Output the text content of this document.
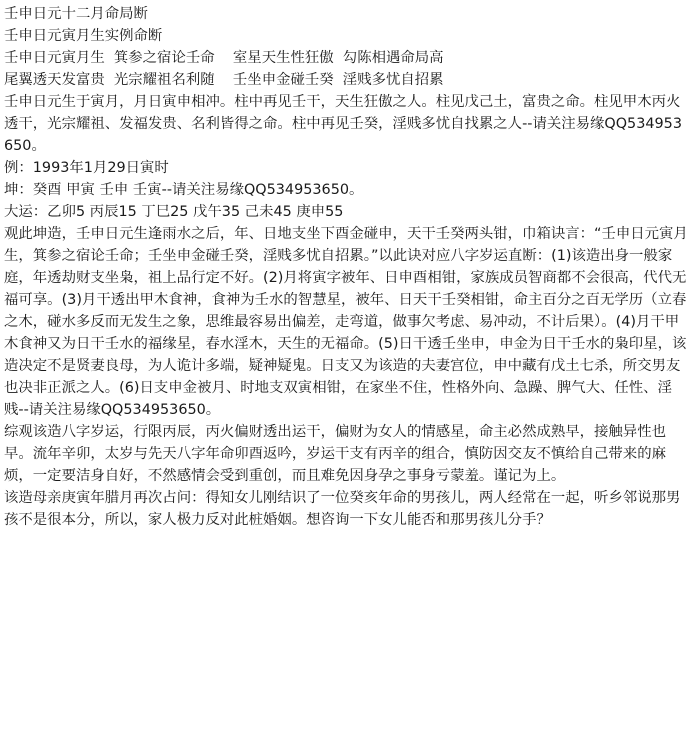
壬申日元十二月命局断

壬申日元寅月生实例命断

壬申日元寅月生  箕参之宿论壬命    室星天生性狂傲  勾陈相遇命局高

尾翼透天发富贵  光宗耀祖名利随    壬坐申金碰壬癸  淫贱多忧自招累

壬申日元生于寅月，月日寅申相冲。柱中再见壬干，天生狂傲之人。柱见戊己土，富贵之命。柱见甲木丙火透干，光宗耀祖、发福发贵、名利皆得之命。柱中再见壬癸，淫贱多忧自找累之人--请关注易缘QQ534953650。

例：1993年1月29日寅时

坤：癸酉 甲寅 壬申 壬寅--请关注易缘QQ534953650。

大运：乙卯5 丙辰15 丁巳25 戊午35 己未45 庚申55

观此坤造，壬申日元生逢雨水之后，年、日地支坐下酉金碰申，天干壬癸两头钳，巾箱诀言：“壬申日元寅月生，箕参之宿论壬命；壬坐申金碰壬癸，淫贱多忧自招累。”以此诀对应八字岁运直断：(1)该造出身一般家庭，年透劫财支坐枭，祖上品行定不好。(2)月将寅字被年、日申酉相钳，家族成员智商都不会很高，代代无福可享。(3)月干透出甲木食神，食神为壬水的智慧星，被年、日天干壬癸相钳，命主百分之百无学历（立春之木，碰水多反而无发生之象，思维最容易出偏差，走弯道，做事欠考虑、易冲动，不计后果）。(4)月干甲木食神又为日干壬水的福缘星，春水淫木，天生的无福命。(5)日干透壬坐申，申金为日干壬水的枭印星，该造决定不是贤妻良母，为人诡计多端，疑神疑鬼。日支又为该造的夫妻宫位，申中藏有戊土七杀，所交男友也决非正派之人。(6)日支申金被月、时地支双寅相钳，在家坐不住，性格外向、急躁、脾气大、任性、淫贱--请关注易缘QQ534953650。

综观该造八字岁运，行限丙辰，丙火偏财透出运干，偏财为女人的情感星，命主必然成熟早，接触异性也早。流年辛卯，太岁与先天八字年命卯酉返吟，岁运干支有丙辛的组合，慎防因交友不慎给自己带来的麻烦，一定要洁身自好，不然感情会受到重创，而且难免因身孕之事身亏蒙羞。谨记为上。

该造母亲庚寅年腊月再次占问：得知女儿刚结识了一位癸亥年命的男孩儿，两人经常在一起，听乡邻说那男孩不是很本分，所以，家人极力反对此桩婚姻。想咨询一下女儿能否和那男孩儿分手？
